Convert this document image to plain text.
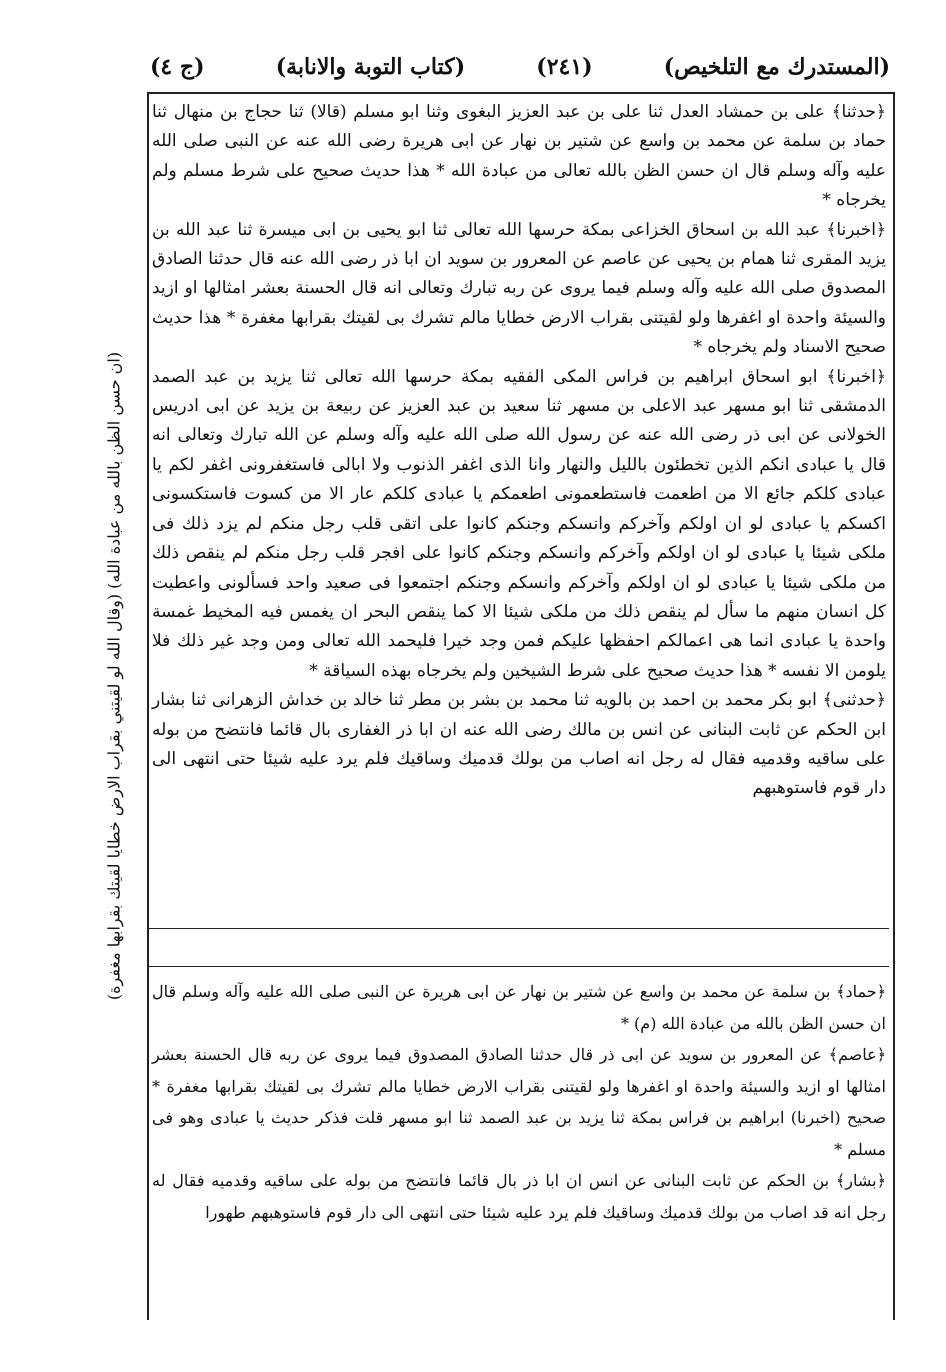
(المستدرك مع التلخيص)
(٢٤١)
(كتاب التوبة والانابة)
(ج ٤)
(ان حسن الظن بالله من عبادة الله) (وقال الله لو لقيتني بقراب الارض خطايا لقيتك بقرابها مغفرة)

﴿حدثنا﴾ على بن حمشاد العدل ثنا على بن عبد العزيز البغوى وثنا ابو مسلم (قالا) ثنا حجاج بن منهال ثنا حماد بن سلمة عن محمد بن واسع عن شتير بن نهار عن ابى هريرة رضى الله عنه عن النبى صلى الله عليه وآله وسلم قال ان حسن الظن بالله تعالى من عبادة الله * هذا حديث صحيح على شرط مسلم ولم يخرجاه *

﴿اخبرنا﴾ عبد الله بن اسحاق الخزاعى بمكة حرسها الله تعالى ثنا ابو يحيى بن ابى ميسرة ثنا عبد الله بن يزيد المقرى ثنا همام بن يحيى عن عاصم عن المعرور بن سويد ان ابا ذر رضى الله عنه قال حدثنا الصادق المصدوق صلى الله عليه وآله وسلم فيما يروى عن ربه تبارك وتعالى انه قال الحسنة بعشر امثالها او ازيد والسيئة واحدة او اغفرها ولو لقيتنى بقراب الارض خطايا مالم تشرك بى لقيتك بقرابها مغفرة * هذا حديث صحيح الاسناد ولم يخرجاه *

﴿اخبرنا﴾ ابو اسحاق ابراهيم بن فراس المكى الفقيه بمكة حرسها الله تعالى ثنا يزيد بن عبد الصمد الدمشقى ثنا ابو مسهر عبد الاعلى بن مسهر ثنا سعيد بن عبد العزيز عن ربيعة بن يزيد عن ابى ادريس الخولانى عن ابى ذر رضى الله عنه عن رسول الله صلى الله عليه وآله وسلم عن الله تبارك وتعالى انه قال يا عبادى انكم الذين تخطئون بالليل والنهار وانا الذى اغفر الذنوب ولا ابالى فاستغفرونى اغفر لكم يا عبادى كلكم جائع الا من اطعمت فاستطعمونى اطعمكم يا عبادى كلكم عار الا من كسوت فاستكسونى اكسكم يا عبادى لو ان اولكم وآخركم وانسكم وجنكم كانوا على اتقى قلب رجل منكم لم يزد ذلك فى ملكى شيئا يا عبادى لو ان اولكم وآخركم وانسكم وجنكم كانوا على افجر قلب رجل منكم لم ينقص ذلك من ملكى شيئا يا عبادى لو ان اولكم وآخركم وانسكم وجنكم اجتمعوا فى صعيد واحد فسألونى واعطيت كل انسان منهم ما سأل لم ينقص ذلك من ملكى شيئا الا كما ينقص البحر ان يغمس فيه المخيط غمسة واحدة يا عبادى انما هى اعمالكم احفظها عليكم فمن وجد خيرا فليحمد الله تعالى ومن وجد غير ذلك فلا يلومن الا نفسه * هذا حديث صحيح على شرط الشيخين ولم يخرجاه بهذه السياقة *

﴿حدثنى﴾ ابو بكر محمد بن احمد بن بالويه ثنا محمد بن بشر بن مطر ثنا خالد بن خداش الزهرانى ثنا بشار ابن الحكم عن ثابت البنانى عن انس بن مالك رضى الله عنه ان ابا ذر الغفارى بال قائما فانتضح من بوله على ساقيه وقدميه فقال له رجل انه اصاب من بولك قدميك وساقيك فلم يرد عليه شيئا حتى انتهى الى دار قوم فاستوهبهم

﴿حماد﴾ بن سلمة عن محمد بن واسع عن شتير بن نهار عن ابى هريرة عن النبى صلى الله عليه وآله وسلم قال ان حسن الظن بالله من عبادة الله (م) *

﴿عاصم﴾ عن المعرور بن سويد عن ابى ذر قال حدثنا الصادق المصدوق فيما يروى عن ربه قال الحسنة بعشر امثالها او ازيد والسيئة واحدة او اغفرها ولو لقيتنى بقراب الارض خطايا مالم تشرك بى لقيتك بقرابها مغفرة * صحيح (اخبرنا) ابراهيم بن فراس بمكة ثنا يزيد بن عبد الصمد ثنا ابو مسهر قلت فذكر حديث يا عبادى وهو فى مسلم *

﴿بشار﴾ بن الحكم عن ثابت البنانى عن انس ان ابا ذر بال قائما فانتضح من بوله على ساقيه وقدميه فقال له رجل انه قد اصاب من بولك قدميك وساقيك فلم يرد عليه شيئا حتى انتهى الى دار قوم فاستوهبهم طهورا
